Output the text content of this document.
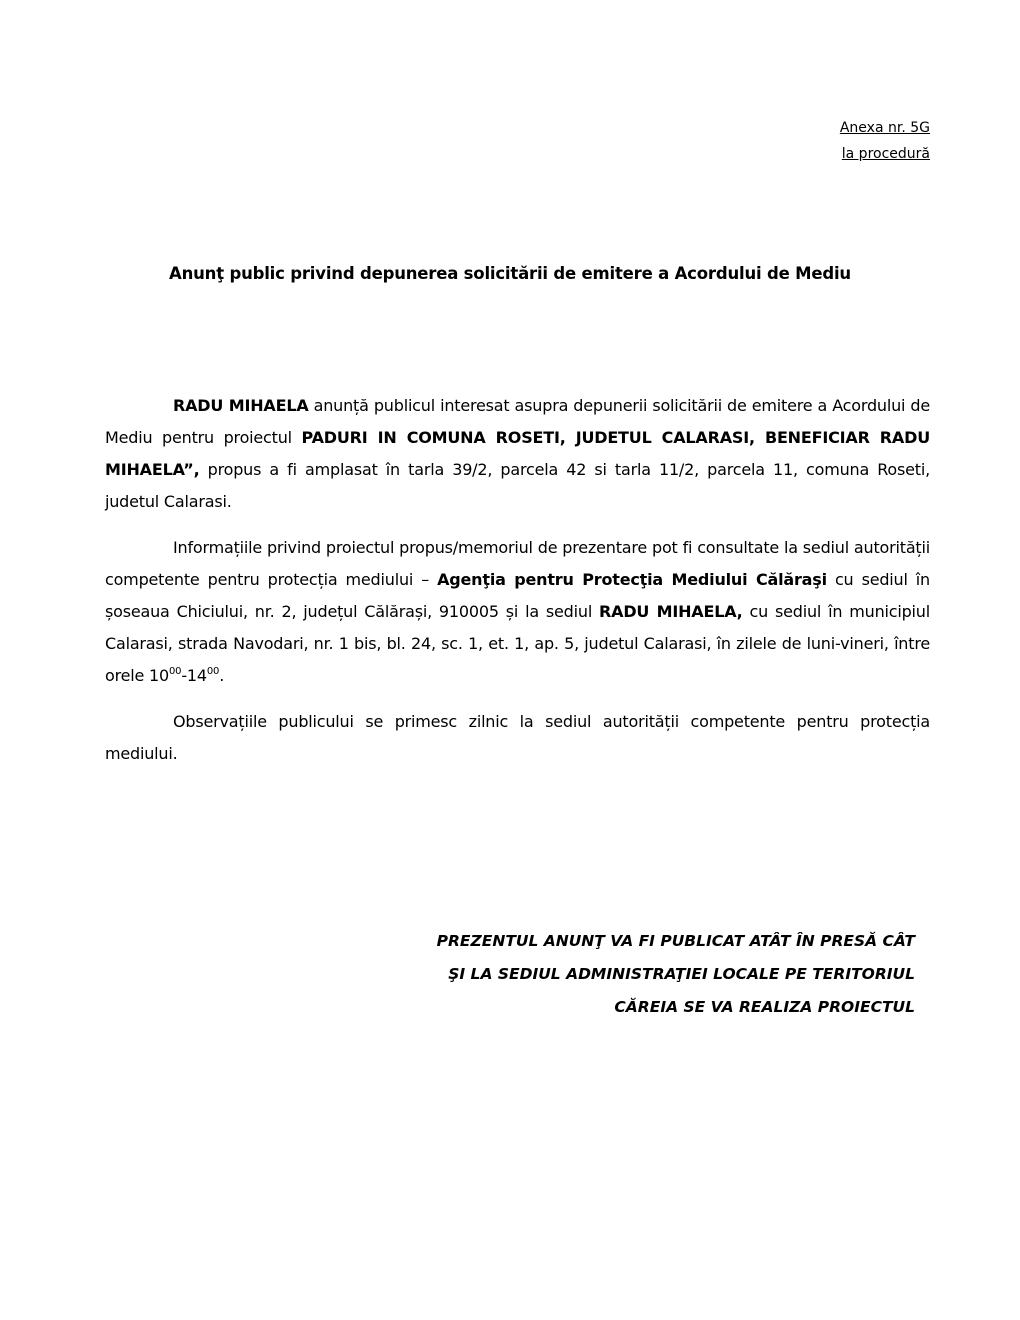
Anexa nr. 5G
la procedură
Anunţ public privind depunerea solicitării de emitere a Acordului de Mediu

RADU MIHAELA anunță publicul interesat asupra depunerii solicitării de emitere a Acordului de Mediu pentru proiectul PADURI IN COMUNA ROSETI, JUDETUL CALARASI, BENEFICIAR RADU MIHAELA”, propus a fi amplasat în tarla 39/2, parcela 42 si tarla 11/2, parcela 11, comuna Roseti, judetul Calarasi.

Informațiile privind proiectul propus/memoriul de prezentare pot fi consultate la sediul autorității competente pentru protecția mediului – Agenţia pentru Protecţia Mediului Călăraşi cu sediul în șoseaua Chiciului, nr. 2, județul Călărași, 910005 și la sediul RADU MIHAELA, cu sediul în municipiul Calarasi, strada Navodari, nr. 1 bis, bl. 24, sc. 1, et. 1, ap. 5, judetul Calarasi, în zilele de luni-vineri, între orele $10^{00}-14^{00}$.

Observațiile publicului se primesc zilnic la sediul autorității competente pentru protecția mediului.

PREZENTUL ANUNŢ VA FI PUBLICAT ATÂT ÎN PRESĂ CÂT
ŞI LA SEDIUL ADMINISTRAŢIEI LOCALE PE TERITORIUL
CĂREIA SE VA REALIZA PROIECTUL
